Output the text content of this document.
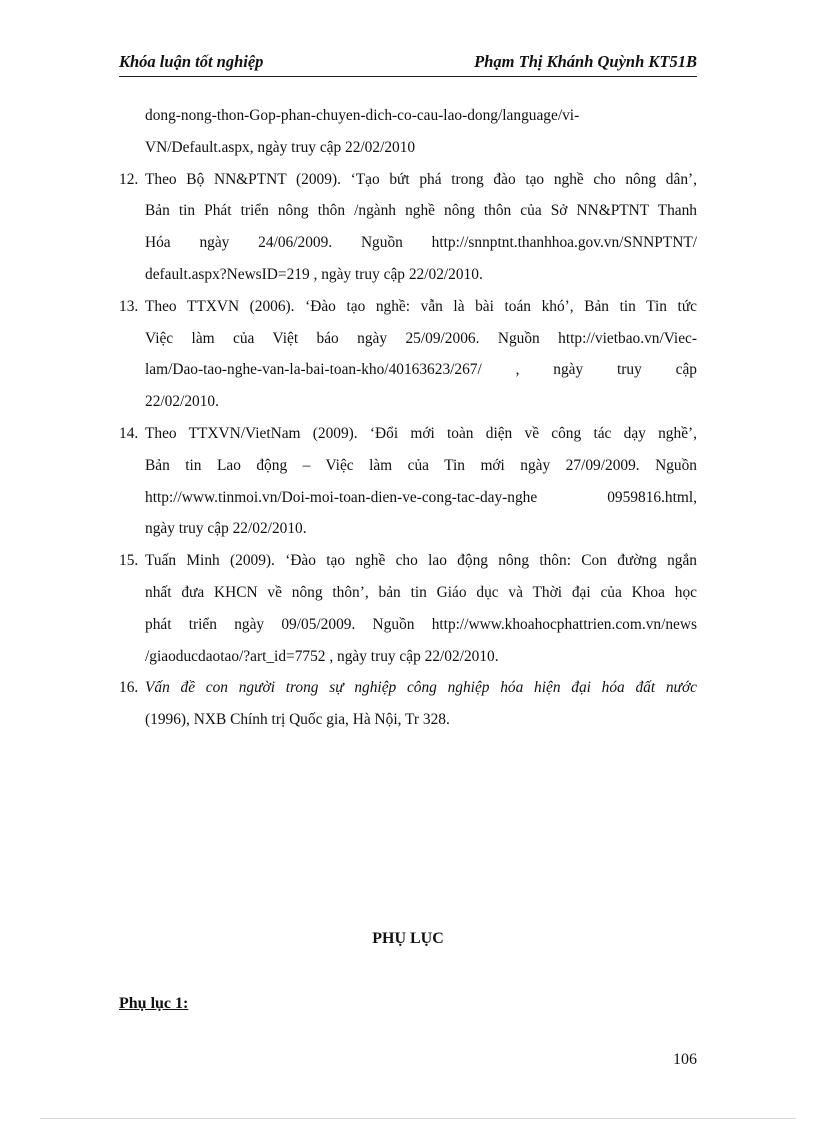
Khóa luận tốt nghiệp	Phạm Thị Khánh Quỳnh KT51B
dong-nong-thon-Gop-phan-chuyen-dich-co-cau-lao-dong/language/vi-
VN/Default.aspx, ngày truy cập 22/02/2010
12. Theo Bộ NN&PTNT (2009). ‘Tạo bứt phá trong đào tạo nghề cho nông dân’,
Bản tin Phát triển nông thôn /ngành nghề nông thôn của Sở NN&PTNT Thanh
Hóa ngày 24/06/2009. Nguồn http://snnptnt.thanhhoa.gov.vn/SNNPTNT/
default.aspx?NewsID=219 , ngày truy cập 22/02/2010.
13. Theo TTXVN (2006). ‘Đào tạo nghề: vẫn là bài toán khó’, Bản tin Tin tức
Việc làm của Việt báo ngày 25/09/2006. Nguồn http://vietbao.vn/Viec-
lam/Dao-tao-nghe-van-la-bai-toan-kho/40163623/267/ , ngày truy cập
22/02/2010.
14. Theo TTXVN/VietNam (2009). ‘Đổi mới toàn diện về công tác dạy nghề’,
Bản tin Lao động – Việc làm của Tin mới ngày 27/09/2009. Nguồn
http://www.tinmoi.vn/Doi-moi-toan-dien-ve-cong-tac-day-nghe 0959816.html,
ngày truy cập 22/02/2010.
15. Tuấn Minh (2009). ‘Đào tạo nghề cho lao động nông thôn: Con đường ngắn
nhất đưa KHCN về nông thôn’, bản tin Giáo dục và Thời đại của Khoa học
phát triển ngày 09/05/2009. Nguồn http://www.khoahocphattrien.com.vn/news
/giaoducdaotao/?art_id=7752 , ngày truy cập 22/02/2010.
16. Vấn đề con người trong sự nghiệp công nghiệp hóa hiện đại hóa đất nước
(1996), NXB Chính trị Quốc gia, Hà Nội, Tr 328.
PHỤ LỤC
Phụ lục 1:
106
